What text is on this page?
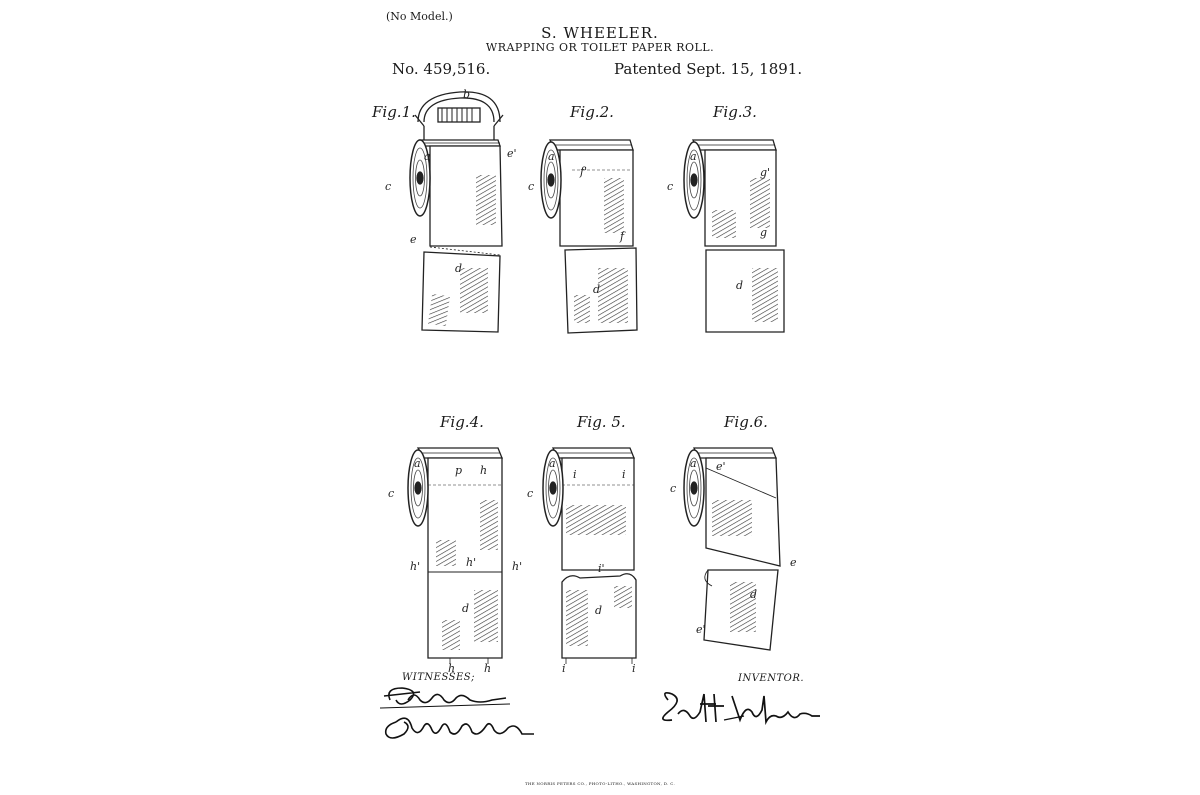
(No Model.)
S. WHEELER.
WRAPPING OR TOILET PAPER ROLL.
No. 459,516.	Patented Sept. 15, 1891.
Fig.1.	Fig.2.	Fig.3.
Fig.4.	Fig. 5.	Fig.6.
b
a	e'
c
e
d
a
f'
c
f
d
a
g'
c
g
d
a
p h
c
h'	h'	h'
d
h	h
a
i	i
c
i'
d
i	i
a e'
c
e
d
e'
WITNESSES;	INVENTOR.
THE NORRIS PETERS CO., PHOTO-LITHO., WASHINGTON, D. C.
